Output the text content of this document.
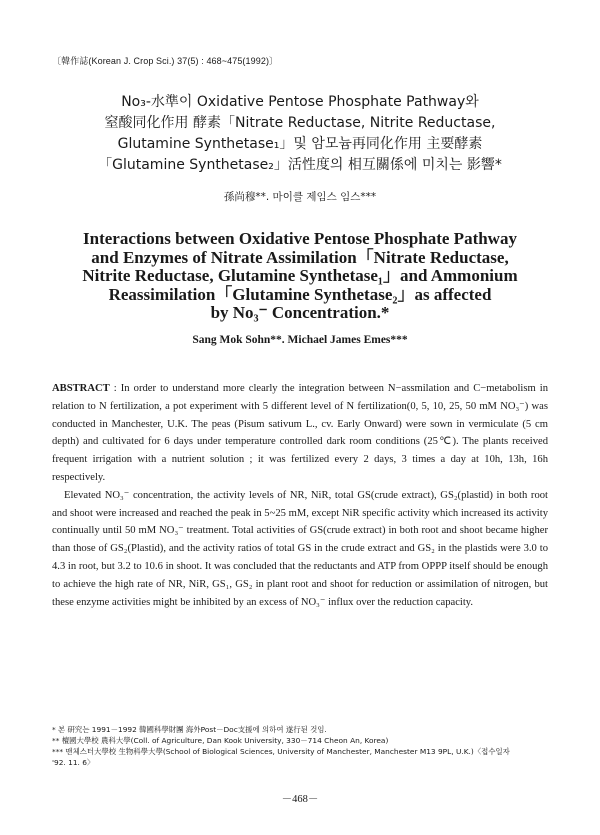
〔韓作誌(Korean J. Crop Sci.) 37(5) : 468~475(1992)〕
No₃-水準이 Oxidative Pentose Phosphate Pathway와
窒酸同化作用 酵素「Nitrate Reductase, Nitrite Reductase,
Glutamine Synthetase₁」및 암모늄再同化作用 主要酵素
「Glutamine Synthetase₂」活性度의 相互關係에 미치는 影響*
孫尚穆**. 마이클 제임스 임스***
Interactions between Oxidative Pentose Phosphate Pathway
and Enzymes of Nitrate Assimilation「Nitrate Reductase,
Nitrite Reductase, Glutamine Synthetase₁」and Ammonium
Reassimilation「Glutamine Synthetase₂」as affected
by No₃⁻ Concentration.*
Sang Mok Sohn**. Michael James Emes***

ABSTRACT : In order to understand more clearly the integration between N−assmilation and C−metabolism in relation to N fertilization, a pot experiment with 5 different level of N fertilization(0, 5, 10, 25, 50 mM NO₃⁻) was conducted in Manchester, U.K. The peas (Pisum sativum L., cv. Early Onward) were sown in vermiculate (5 cm depth) and cultivated for 6 days under temperature controlled dark room conditions (25℃). The plants received frequent irrigation with a nutrient solution ; it was fertilized every 2 days, 3 times a day at 10h, 13h, 16h respectively.

Elevated NO₃⁻ concentration, the activity levels of NR, NiR, total GS(crude extract), GS₂(plastid) in both root and shoot were increased and reached the peak in 5~25 mM, except NiR specific activity which increased its activity continually until 50 mM NO₃⁻ treatment. Total activities of GS(crude extract) in both root and shoot became higher than those of GS₂(Plastid), and the activity ratios of total GS in the crude extract and GS₂ in the plastids were 3.0 to 4.3 in root, but 3.2 to 10.6 in shoot. It was concluded that the reductants and ATP from OPPP itself should be enough to achieve the high rate of NR, NiR, GS₁, GS₂ in plant root and shoot for reduction or assimilation of nitrogen, but these enzyme activities might be inhibited by an excess of NO₃⁻ influx over the reduction capacity.

* 본 研究는 1991－1992 韓國科學財團 海外Post－Doc支援에 의하여 遂行된 것임.
** 檀國大學校 農科大學(Coll. of Agriculture, Dan Kook University, 330－714 Cheon An, Korea)
*** 맨체스터大學校 生物科學大學(School of Biological Sciences, University of Manchester, Manchester M13 9PL, U.K.)〈접수일자
'92. 11. 6〉
－468－
